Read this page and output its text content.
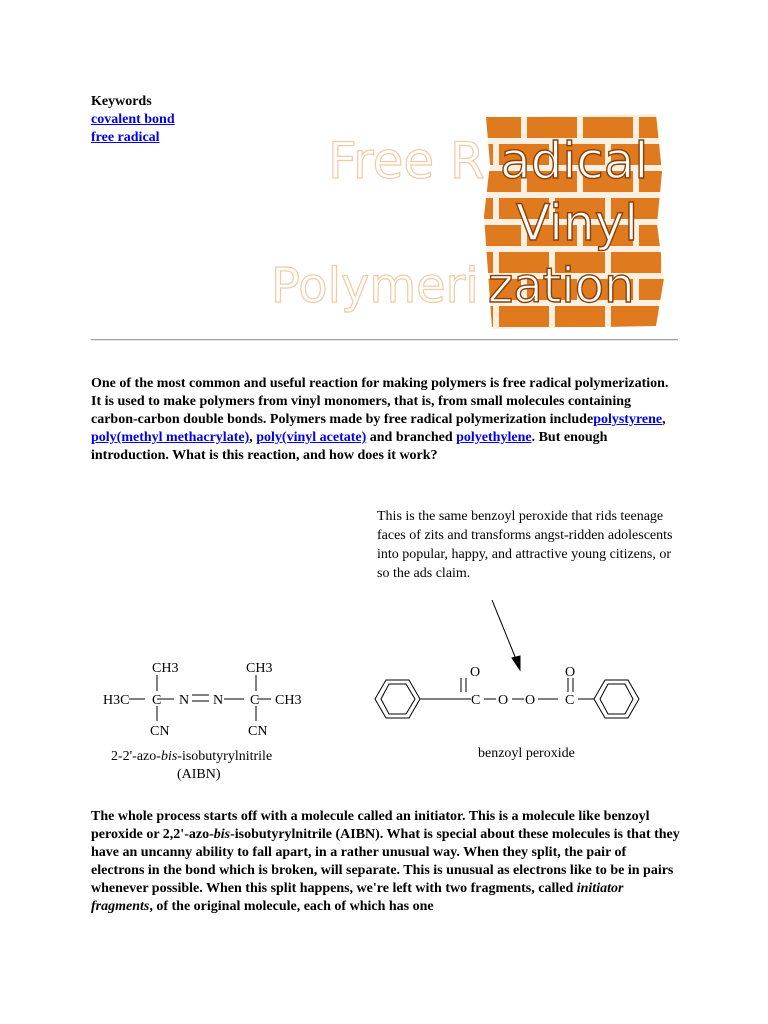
Keywords
covalent bond
free radical	Free R
Polymeri
adical
Vinyl
zation
One of the most common and useful reaction for making polymers is free radical polymerization. It is used to make polymers from vinyl monomers, that is, from small molecules containing carbon-carbon double bonds. Polymers made by free radical polymerization includepolystyrene, poly(methyl methacrylate), poly(vinyl acetate) and branched polyethylene. But enough introduction. What is this reaction, and how does it work?
This is the same benzoyl peroxide that rids teenage faces of zits and transforms angst-ridden adolescents into popular, happy, and attractive young citizens, or so the ads claim.
CH3	CH3
H3C C N N C CH3
CN	CN
2-2'-azo-bis-isobutyrylnitrile
(AIBN)
O	O
C O O C
benzoyl peroxide
The whole process starts off with a molecule called an initiator. This is a molecule like benzoyl peroxide or 2,2'-azo-bis-isobutyrylnitrile (AIBN). What is special about these molecules is that they have an uncanny ability to fall apart, in a rather unusual way. When they split, the pair of electrons in the bond which is broken, will separate. This is unusual as electrons like to be in pairs whenever possible. When this split happens, we're left with two fragments, called initiator fragments, of the original molecule, each of which has one
